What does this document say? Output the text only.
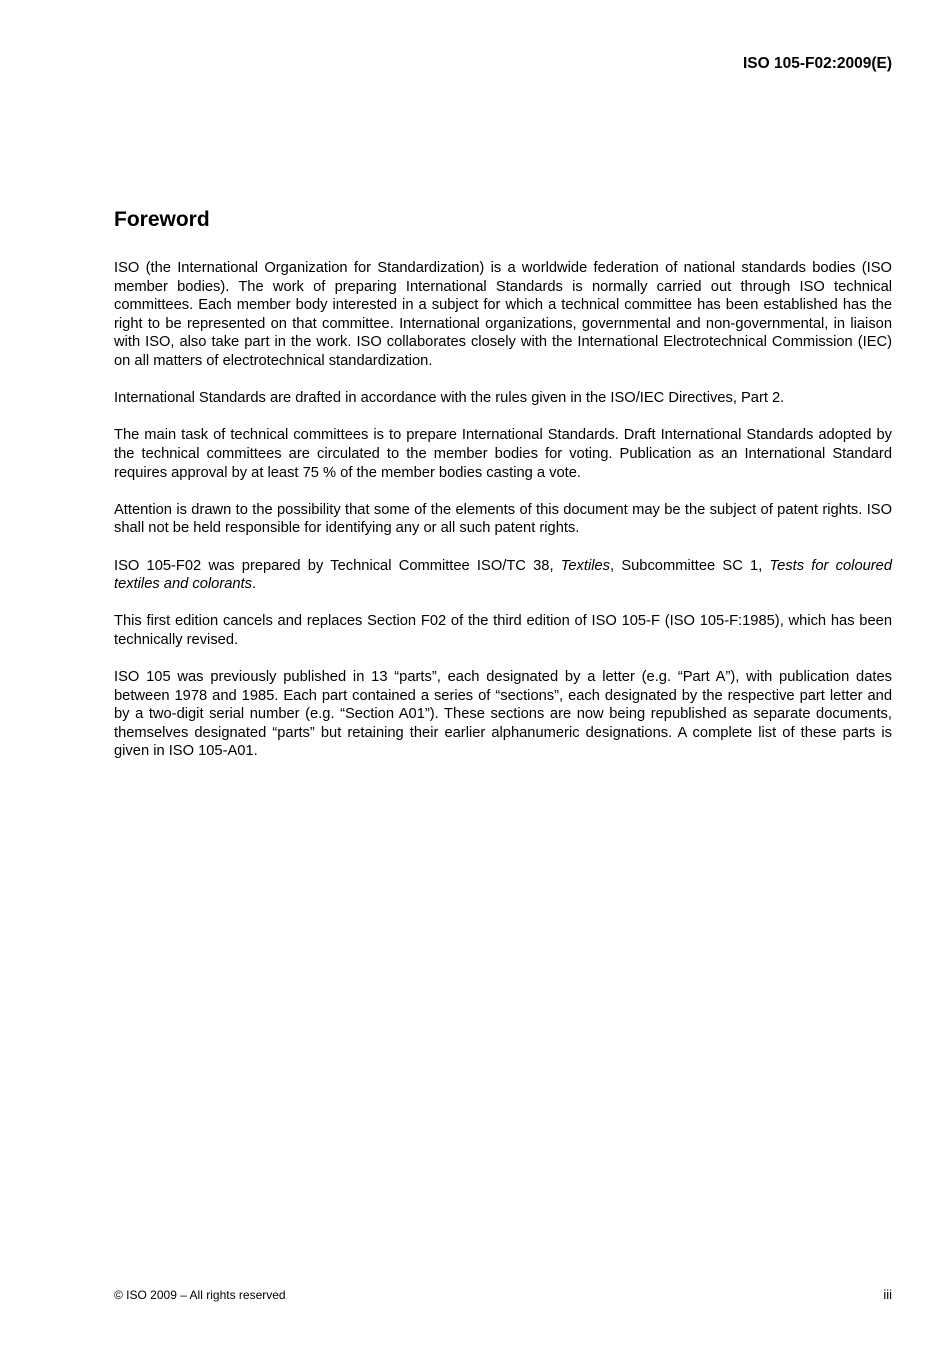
ISO 105-F02:2009(E)

Foreword

ISO (the International Organization for Standardization) is a worldwide federation of national standards bodies (ISO member bodies). The work of preparing International Standards is normally carried out through ISO technical committees. Each member body interested in a subject for which a technical committee has been established has the right to be represented on that committee. International organizations, governmental and non-governmental, in liaison with ISO, also take part in the work. ISO collaborates closely with the International Electrotechnical Commission (IEC) on all matters of electrotechnical standardization.

International Standards are drafted in accordance with the rules given in the ISO/IEC Directives, Part 2.

The main task of technical committees is to prepare International Standards. Draft International Standards adopted by the technical committees are circulated to the member bodies for voting. Publication as an International Standard requires approval by at least 75 % of the member bodies casting a vote.

Attention is drawn to the possibility that some of the elements of this document may be the subject of patent rights. ISO shall not be held responsible for identifying any or all such patent rights.

ISO 105-F02 was prepared by Technical Committee ISO/TC 38, Textiles, Subcommittee SC 1, Tests for coloured textiles and colorants.

This first edition cancels and replaces Section F02 of the third edition of ISO 105-F (ISO 105-F:1985), which has been technically revised.

ISO 105 was previously published in 13 “parts”, each designated by a letter (e.g. “Part A”), with publication dates between 1978 and 1985. Each part contained a series of “sections”, each designated by the respective part letter and by a two-digit serial number (e.g. “Section A01”). These sections are now being republished as separate documents, themselves designated “parts” but retaining their earlier alphanumeric designations. A complete list of these parts is given in ISO 105-A01.

© ISO 2009 – All rights reserved	iii
